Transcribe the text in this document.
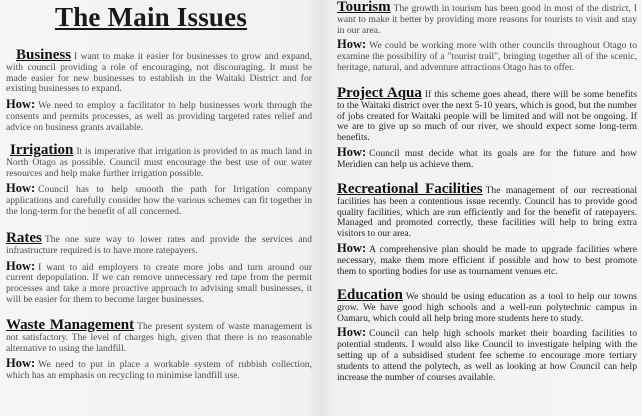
The Main Issues

Business I want to make it easier for businesses to grow and expand, with council providing a role of encouraging, not discouraging. It must be made easier for new businesses to establish in the Waitaki District and for existing businesses to expand.

How: We need to employ a facilitator to help businesses work through the consents and permits processes, as well as providing targeted rates relief and advice on business grants available.

Irrigation It is imperative that irrigation is provided to as much land in North Otago as possible. Council must encourage the best use of our water resources and help make further irrigation possible.

How: Council has to help smooth the path for Irrigation company applications and carefully consider how the various schemes can fit together in the long-term for the benefit of all concerned.

Rates The one sure way to lower rates and provide the services and infrastructure required is to have more ratepayers.

How: I want to aid employers to create more jobs and turn around our current depopulation. If we can remove unnecessary red tape from the permit processes and take a more proactive approach to advising small businesses, it will be easier for them to become larger businesses.

Waste Management The present system of waste management is not satisfactory. The level of charges high, given that there is no reasonable alternative to using the landfill.

How: We need to put in place a workable system of rubbish collection, which has an emphasis on recycling to minimise landfill use.

Tourism The growth in tourism has been good in most of the district, I want to make it better by providing more reasons for tourists to visit and stay in our area.

How: We could be working more with other councils throughout Otago to examine the possibility of a "tourist trail", bringing together all of the scenic, heritage, natural, and adventure attractions Otago has to offer.

Project Aqua If this scheme goes ahead, there will be some benefits to the Waitaki district over the next 5-10 years, which is good, but the number of jobs created for Waitaki people will be limited and will not be ongoing. If we are to give up so much of our river, we should expect some long-term benefits.

How: Council must decide what its goals are for the future and how Meridien can help us achieve them.

Recreational Facilities The management of our recreational facilities has been a contentious issue recently. Council has to provide good quality facilities, which are run efficiently and for the benefit of ratepayers. Managed and promoted correctly, these facilities will help to bring extra visitors to our area.

How: A comprehensive plan should be made to upgrade facilities where necessary, make them more efficient if possible and how to best promote them to sporting bodies for use as tournament venues etc.

Education We should be using education as a tool to help our towns grow. We have good high schools and a well-run polytechnic campus in Oamaru, which could all help bring more students here to study.

How: Council can help high schools market their boarding facilities to potential students. I would also like Council to investigate helping with the setting up of a subsidised student fee scheme to encourage more tertiary students to attend the polytech, as well as looking at how Council can help increase the number of courses available.
